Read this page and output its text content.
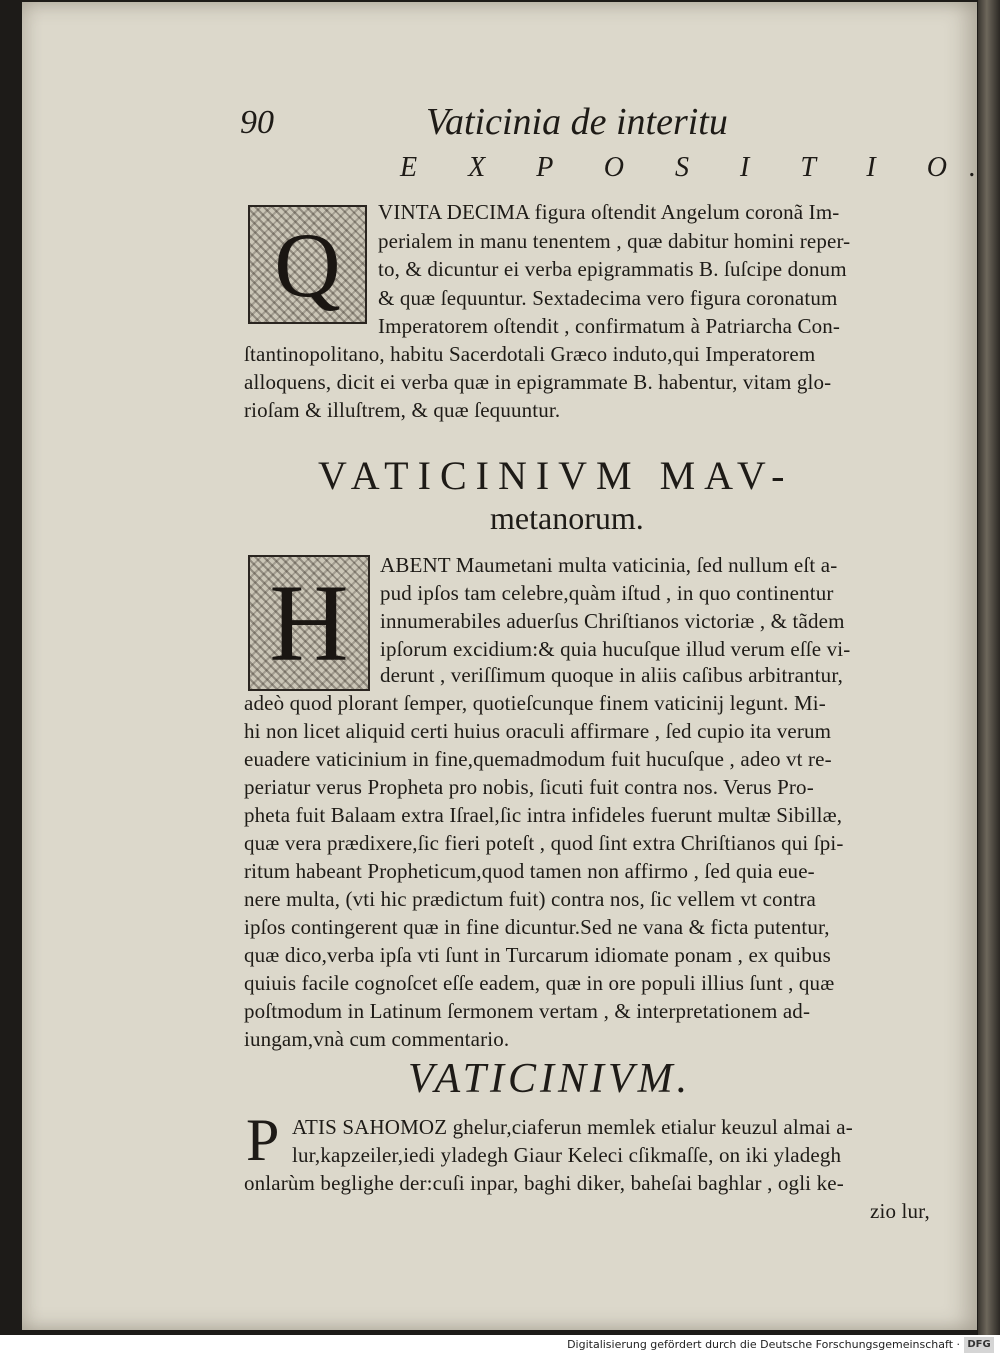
90	Vaticinia de interitu
E X P O S I T I O.
Q
VINTA DECIMA figura oſtendit Angelum coronã Im-
perialem in manu tenentem , quæ dabitur homini reper-
to, & dicuntur ei verba epigrammatis B. ſuſcipe donum
& quæ ſequuntur. Sextadecima vero figura coronatum
Imperatorem oſtendit , confirmatum à Patriarcha Con-
ſtantinopolitano, habitu Sacerdotali Græco induto,qui Imperatorem
alloquens, dicit ei verba quæ in epigrammate B. habentur, vitam glo-
rioſam & illuſtrem, & quæ ſequuntur.
VATICINIVM MAV-
metanorum.
H	ABENT Maumetani multa vaticinia, ſed nullum eſt a-
pud ipſos tam celebre,quàm iſtud , in quo continentur
innumerabiles aduerſus Chriſtianos victoriæ , & tãdem
ipſorum excidium:& quia hucuſque illud verum eſſe vi-
derunt , veriſſimum quoque in aliis caſibus arbitrantur,
adeò quod plorant ſemper, quotieſcunque finem vaticinij legunt. Mi-
hi non licet aliquid certi huius oraculi affirmare , ſed cupio ita verum
euadere vaticinium in fine,quemadmodum fuit hucuſque , adeo vt re-
periatur verus Propheta pro nobis, ſicuti fuit contra nos. Verus Pro-
pheta fuit Balaam extra Iſrael,ſic intra infideles fuerunt multæ Sibillæ,
quæ vera prædixere,ſic fieri poteſt , quod ſint extra Chriſtianos qui ſpi-
ritum habeant Propheticum,quod tamen non affirmo , ſed quia eue-
nere multa, (vti hic prædictum fuit) contra nos, ſic vellem vt contra
ipſos contingerent quæ in fine dicuntur.Sed ne vana & ficta putentur,
quæ dico,verba ipſa vti ſunt in Turcarum idiomate ponam , ex quibus
quiuis facile cognoſcet eſſe eadem, quæ in ore populi illius ſunt , quæ
poſtmodum in Latinum ſermonem vertam , & interpretationem ad-
iungam,vnà cum commentario.
VATICINIVM.
P ATIS SAHOMOZ ghelur,ciaferun memlek etialur keuzul almai a-
lur,kapzeiler,iedi yladegh Giaur Keleci cſikmaſſe, on iki yladegh
onlarùm beglighe der:cuſi inpar, baghi diker, baheſai baghlar , ogli ke-
zio lur,
Digitalisierung gefördert durch die Deutsche Forschungsgemeinschaft · DFG
